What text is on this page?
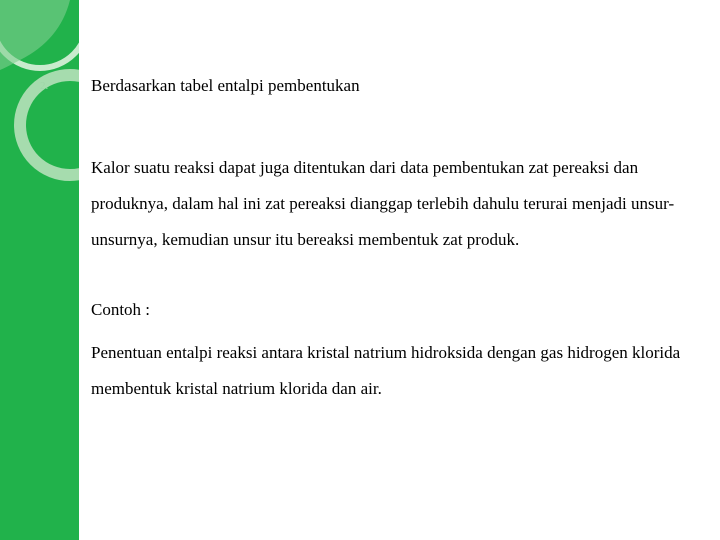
2.	Berdasarkan tabel entalpi pembentukan
Kalor suatu reaksi dapat juga ditentukan dari data pembentukan zat pereaksi dan produknya, dalam hal ini zat pereaksi dianggap terlebih dahulu terurai menjadi unsur-unsurnya, kemudian unsur itu bereaksi membentuk zat produk.
Contoh :
Penentuan entalpi reaksi antara kristal natrium hidroksida dengan gas hidrogen klorida membentuk kristal natrium klorida dan air.
